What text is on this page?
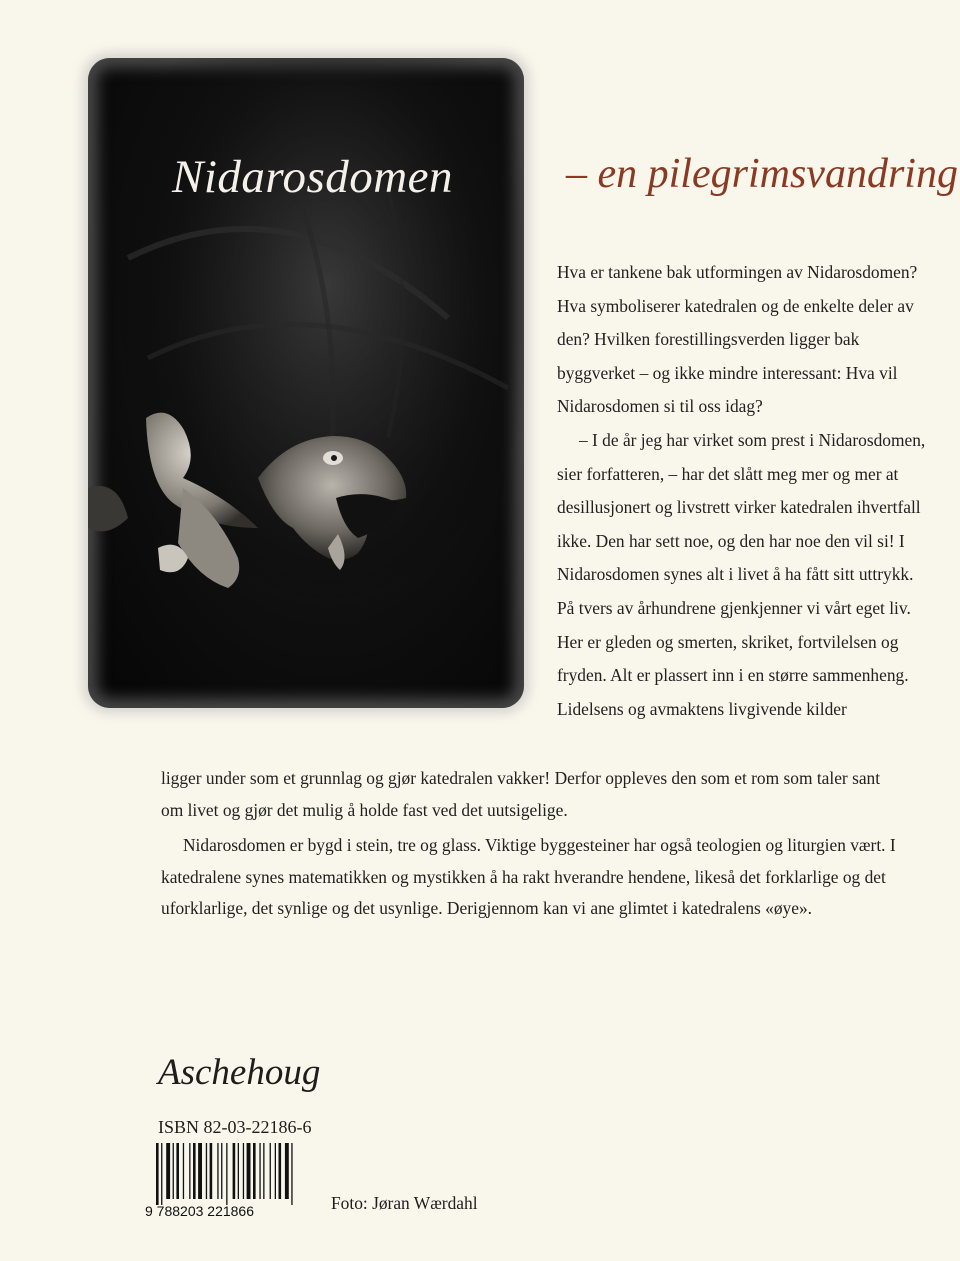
Nidarosdomen	– en pilegrimsvandring

Hva er tankene bak utformingen av Nidarosdomen? Hva symboliserer katedralen og de enkelte deler av den? Hvilken forestillingsverden ligger bak byggverket – og ikke mindre interessant: Hva vil Nidarosdomen si til oss idag?

– I de år jeg har virket som prest i Nidarosdomen, sier forfatteren, – har det slått meg mer og mer at desillusjonert og livstrett virker katedralen ihvertfall ikke. Den har sett noe, og den har noe den vil si! I Nidarosdomen synes alt i livet å ha fått sitt uttrykk. På tvers av århundrene gjenkjenner vi vårt eget liv. Her er gleden og smerten, skriket, fortvilelsen og fryden. Alt er plassert inn i en større sammenheng. Lidelsens og avmaktens livgivende kilder

ligger under som et grunnlag og gjør katedralen vakker! Derfor oppleves den som et rom som taler sant om livet og gjør det mulig å holde fast ved det uutsigelige.

Nidarosdomen er bygd i stein, tre og glass. Viktige byggesteiner har også teologien og liturgien vært. I katedralene synes matematikken og mystikken å ha rakt hverandre hendene, likeså det forklarlige og det uforklarlige, det synlige og det usynlige. Derigjennom kan vi ane glimtet i katedralens «øye».

Aschehoug
ISBN 82-03-22186-6
9 788203 221866	Foto: Jøran Wærdahl
